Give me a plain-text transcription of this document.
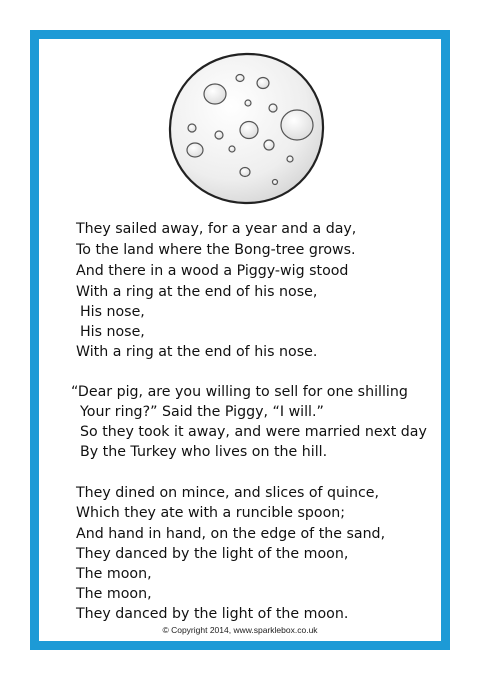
They sailed away, for a year and a day,
To the land where the Bong-tree grows.
And there in a wood a Piggy-wig stood
With a ring at the end of his nose,
His nose,
His nose,
With a ring at the end of his nose.
“Dear pig, are you willing to sell for one shilling
Your ring?” Said the Piggy, “I will.”
So they took it away, and were married next day
By the Turkey who lives on the hill.
They dined on mince, and slices of quince,
Which they ate with a runcible spoon;
And hand in hand, on the edge of the sand,
They danced by the light of the moon,
The moon,
The moon,
They danced by the light of the moon.
© Copyright 2014, www.sparklebox.co.uk
